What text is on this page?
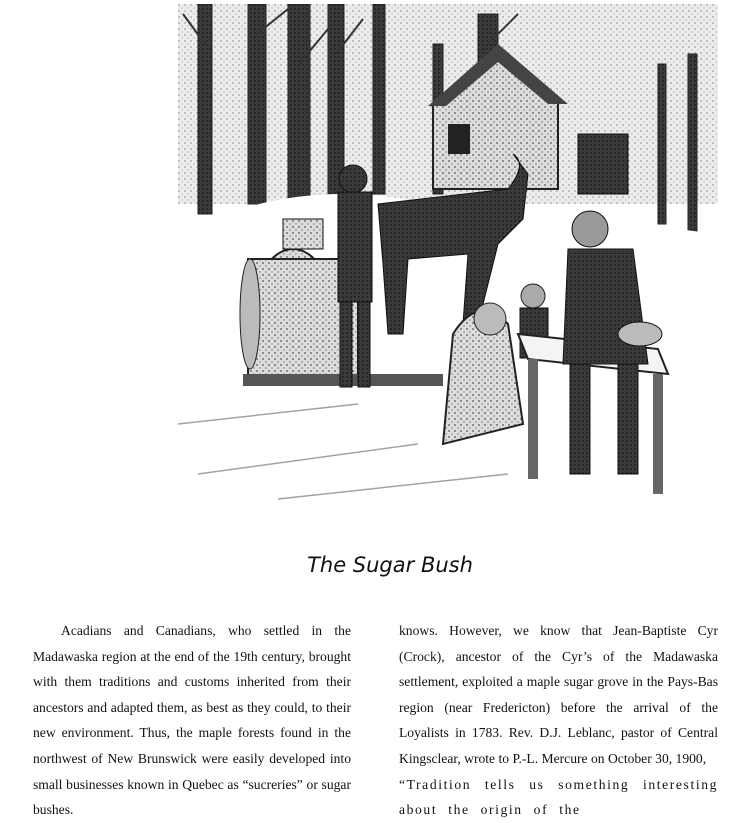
The Sugar Bush

Acadians and Canadians, who settled in the Madawaska region at the end of the 19th century, brought with them traditions and customs inherited from their ancestors and adapted them, as best as they could, to their new environment. Thus, the maple forests found in the northwest of New Brunswick were easily developed into small businesses known in Quebec as “sucreries” or sugar bushes.

knows. However, we know that Jean-Baptiste Cyr (Crock), ancestor of the Cyr’s of the Madawaska settlement, exploited a maple sugar grove in the Pays-Bas region (near Fredericton) before the arrival of the Loyalists in 1783. Rev. D.J. Leblanc, pastor of Central Kingsclear, wrote to P.-L. Mercure on October 30, 1900,

“Tradition tells us something interesting about the origin of the
